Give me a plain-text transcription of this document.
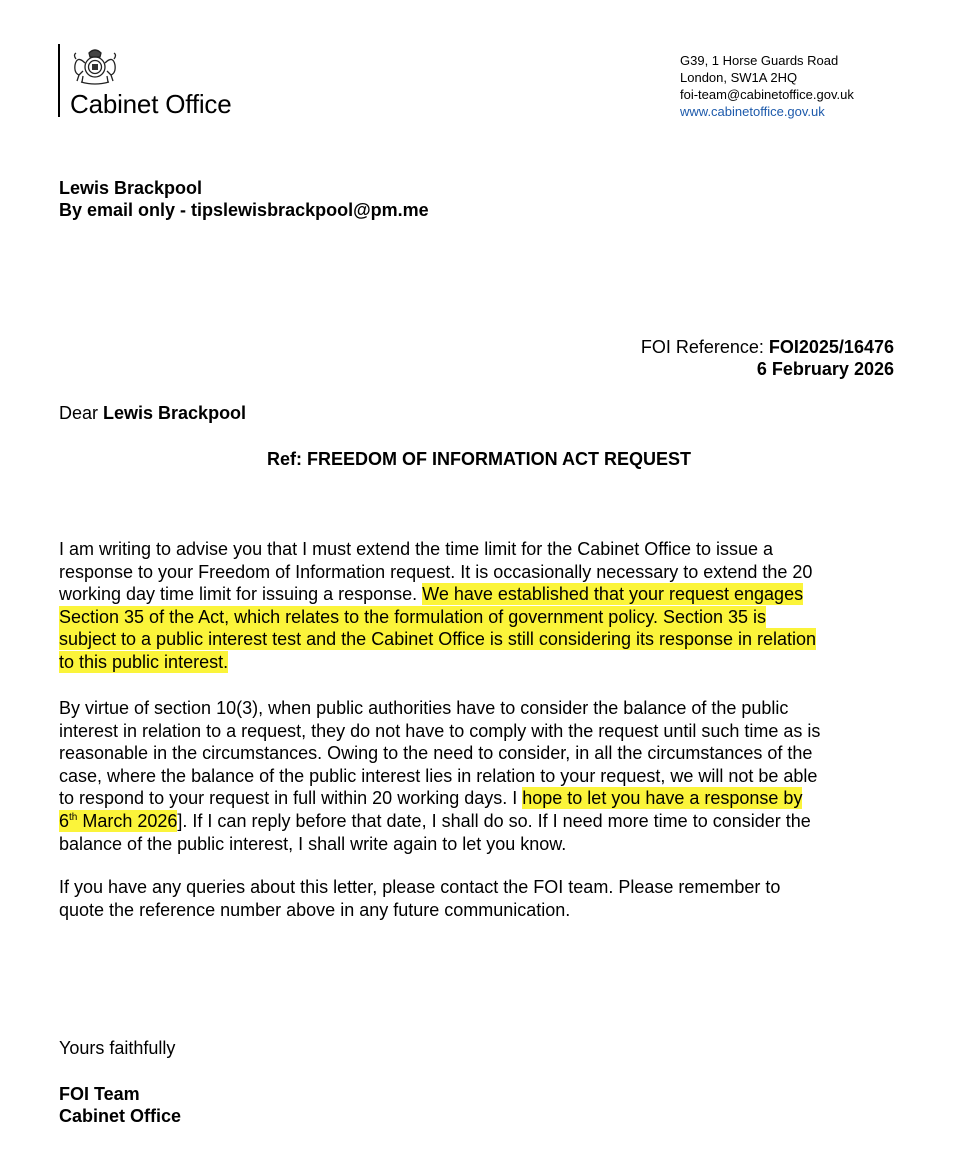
Cabinet Office
G39, 1 Horse Guards Road
London, SW1A 2HQ
foi-team@cabinetoffice.gov.uk
www.cabinetoffice.gov.uk
Lewis Brackpool
By email only - tipslewisbrackpool@pm.me
FOI Reference: FOI2025/16476
6 February 2026
Dear Lewis Brackpool
Ref: FREEDOM OF INFORMATION ACT REQUEST
I am writing to advise you that I must extend the time limit for the Cabinet Office to issue a
response to your Freedom of Information request. It is occasionally necessary to extend the 20
working day time limit for issuing a response. We have established that your request engages
Section 35 of the Act, which relates to the formulation of government policy. Section 35 is
subject to a public interest test and the Cabinet Office is still considering its response in relation
to this public interest.
By virtue of section 10(3), when public authorities have to consider the balance of the public
interest in relation to a request, they do not have to comply with the request until such time as is
reasonable in the circumstances. Owing to the need to consider, in all the circumstances of the
case, where the balance of the public interest lies in relation to your request, we will not be able
to respond to your request in full within 20 working days. I hope to let you have a response by
6th March 2026]. If I can reply before that date, I shall do so. If I need more time to consider the
balance of the public interest, I shall write again to let you know.
If you have any queries about this letter, please contact the FOI team. Please remember to
quote the reference number above in any future communication.
Yours faithfully
FOI Team
Cabinet Office
